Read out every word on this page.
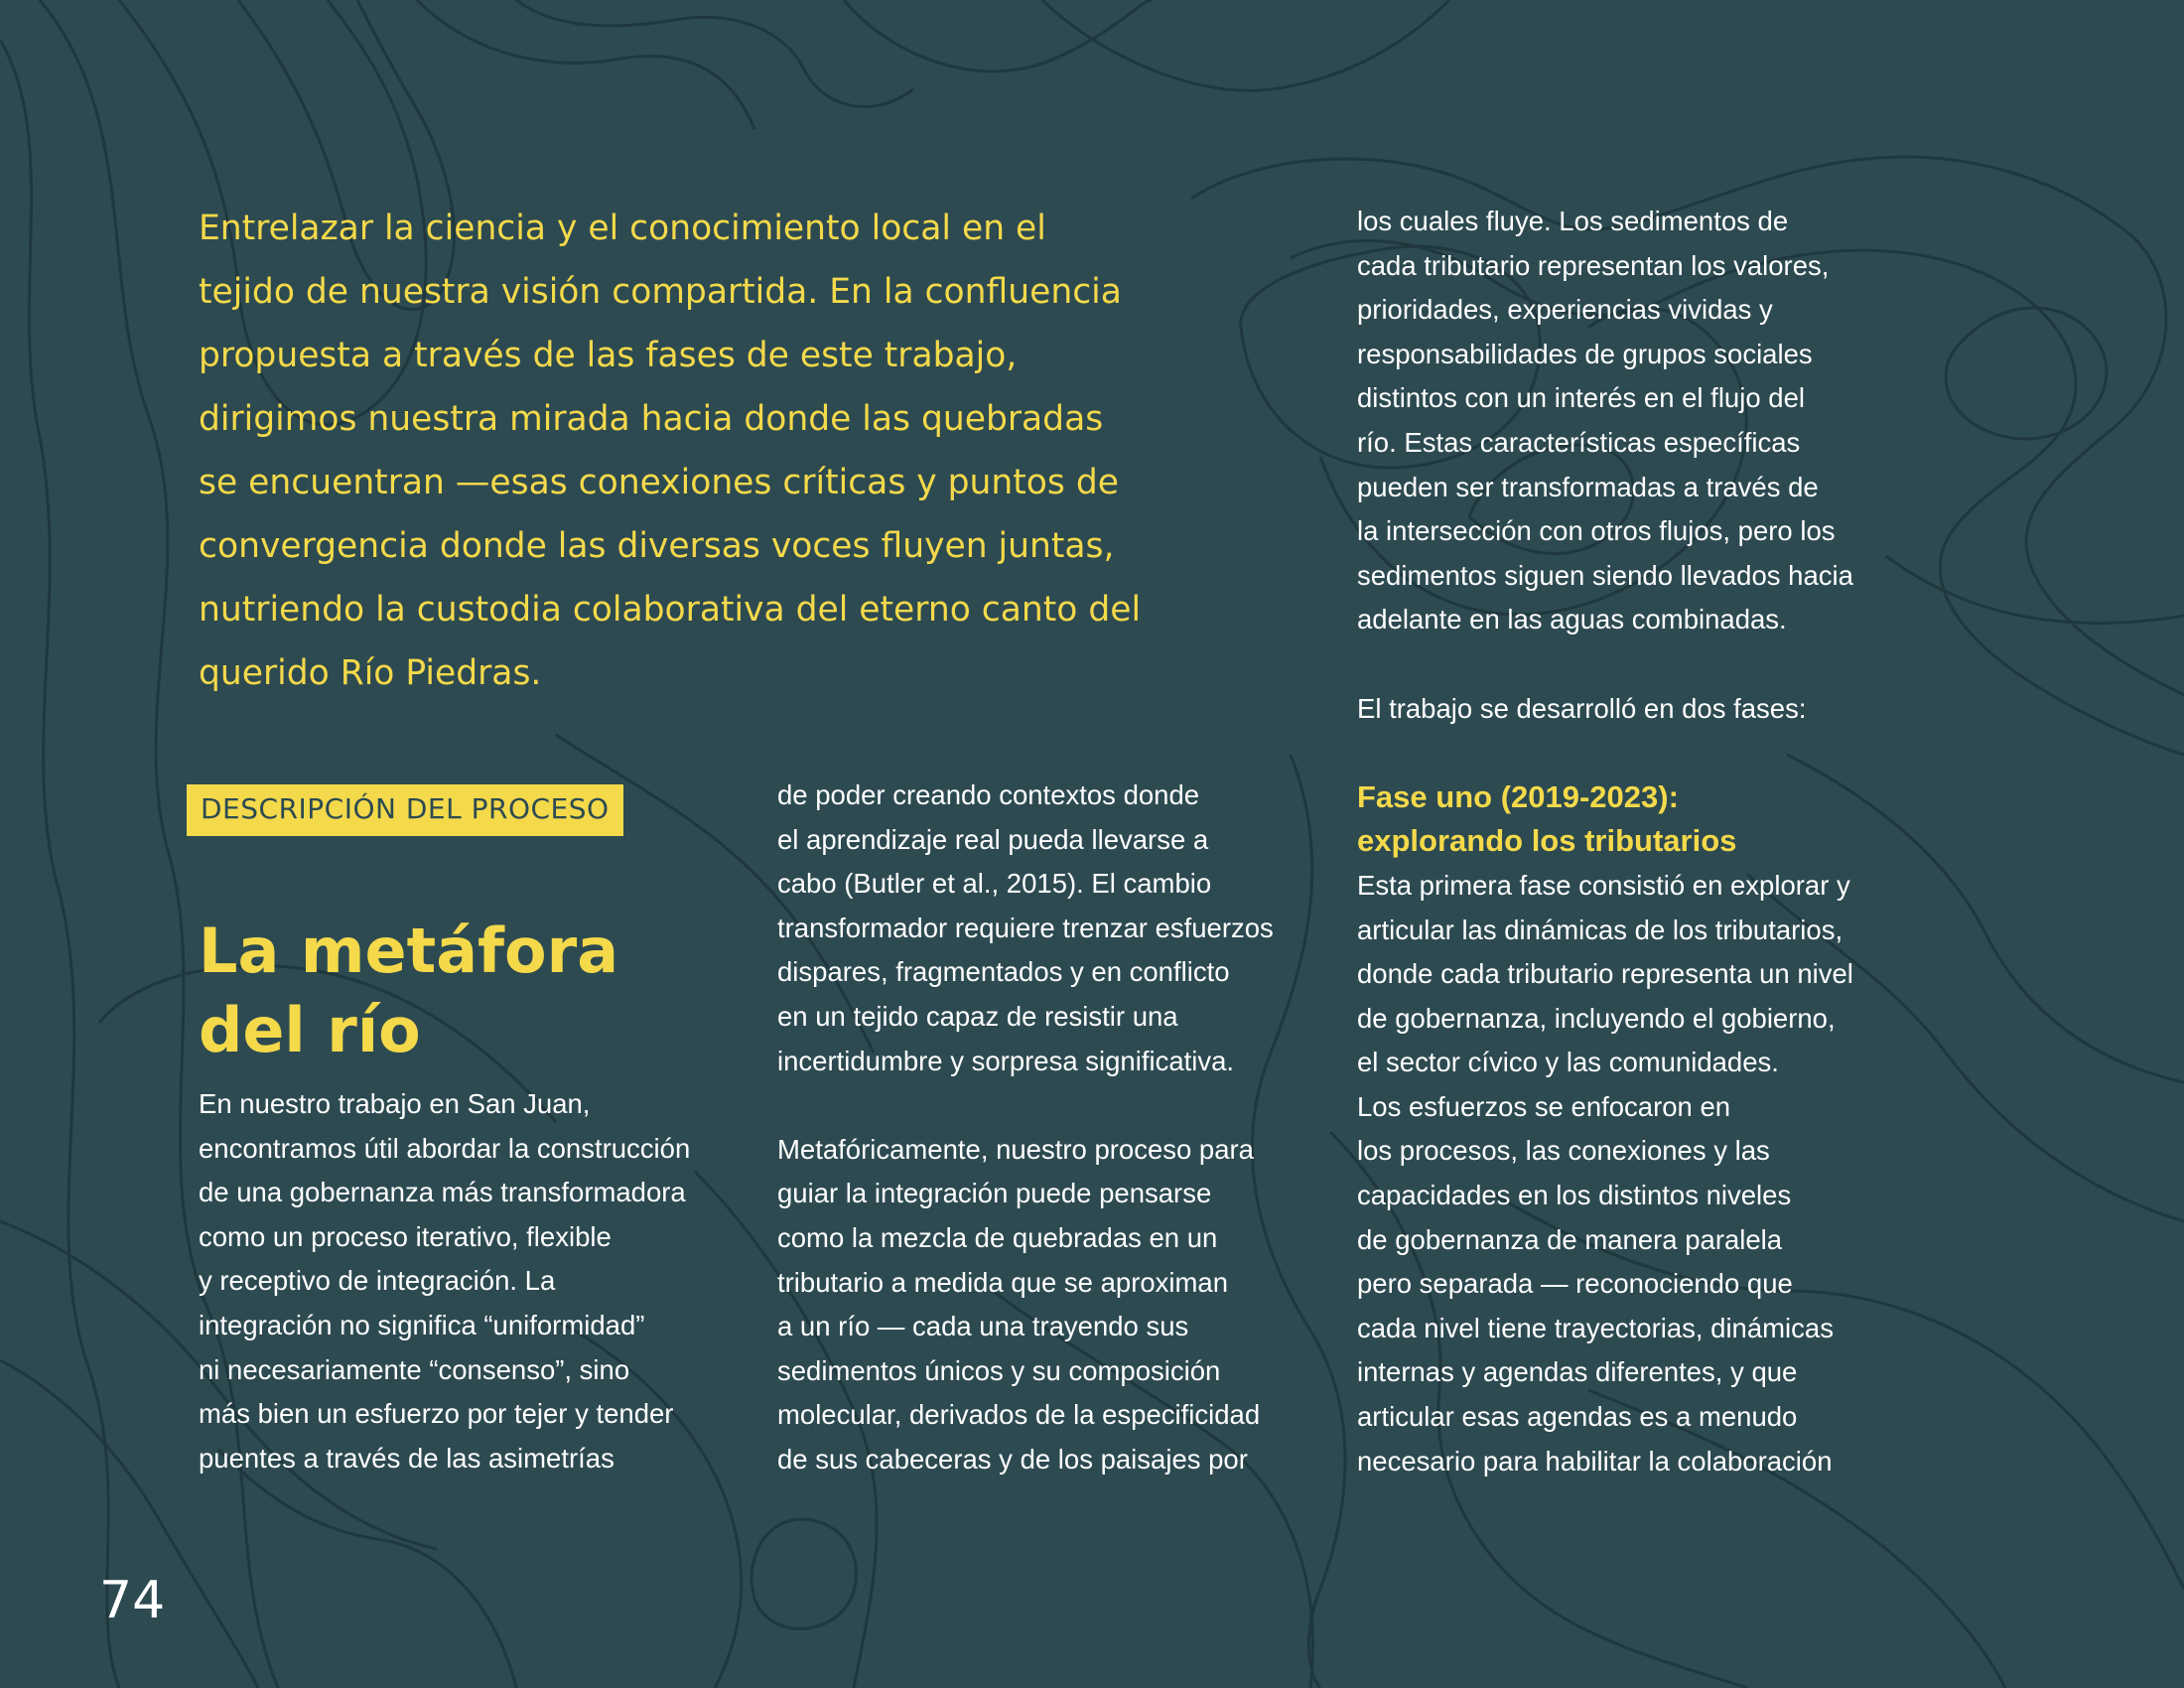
Entrelazar la ciencia y el conocimiento local en el
tejido de nuestra visión compartida. En la confluencia
propuesta a través de las fases de este trabajo,
dirigimos nuestra mirada hacia donde las quebradas
se encuentran —esas conexiones críticas y puntos de
convergencia donde las diversas voces fluyen juntas,
nutriendo la custodia colaborativa del eterno canto del
querido Río Piedras.
DESCRIPCIÓN DEL PROCESO
La metáfora
del río
En nuestro trabajo en San Juan,
encontramos útil abordar la construcción
de una gobernanza más transformadora
como un proceso iterativo, flexible
y receptivo de integración. La
integración no significa “uniformidad”
ni necesariamente “consenso”, sino
más bien un esfuerzo por tejer y tender
puentes a través de las asimetrías
de poder creando contextos donde
el aprendizaje real pueda llevarse a
cabo (Butler et al., 2015). El cambio
transformador requiere trenzar esfuerzos
dispares, fragmentados y en conflicto
en un tejido capaz de resistir una
incertidumbre y sorpresa significativa.
Metafóricamente, nuestro proceso para
guiar la integración puede pensarse
como la mezcla de quebradas en un
tributario a medida que se aproximan
a un río — cada una trayendo sus
sedimentos únicos y su composición
molecular, derivados de la especificidad
de sus cabeceras y de los paisajes por
los cuales fluye. Los sedimentos de
cada tributario representan los valores,
prioridades, experiencias vividas y
responsabilidades de grupos sociales
distintos con un interés en el flujo del
río. Estas características específicas
pueden ser transformadas a través de
la intersección con otros flujos, pero los
sedimentos siguen siendo llevados hacia
adelante en las aguas combinadas.
El trabajo se desarrolló en dos fases:
Fase uno (2019-2023):
explorando los tributarios
Esta primera fase consistió en explorar y
articular las dinámicas de los tributarios,
donde cada tributario representa un nivel
de gobernanza, incluyendo el gobierno,
el sector cívico y las comunidades.
Los esfuerzos se enfocaron en
los procesos, las conexiones y las
capacidades en los distintos niveles
de gobernanza de manera paralela
pero separada — reconociendo que
cada nivel tiene trayectorias, dinámicas
internas y agendas diferentes, y que
articular esas agendas es a menudo
necesario para habilitar la colaboración
74
